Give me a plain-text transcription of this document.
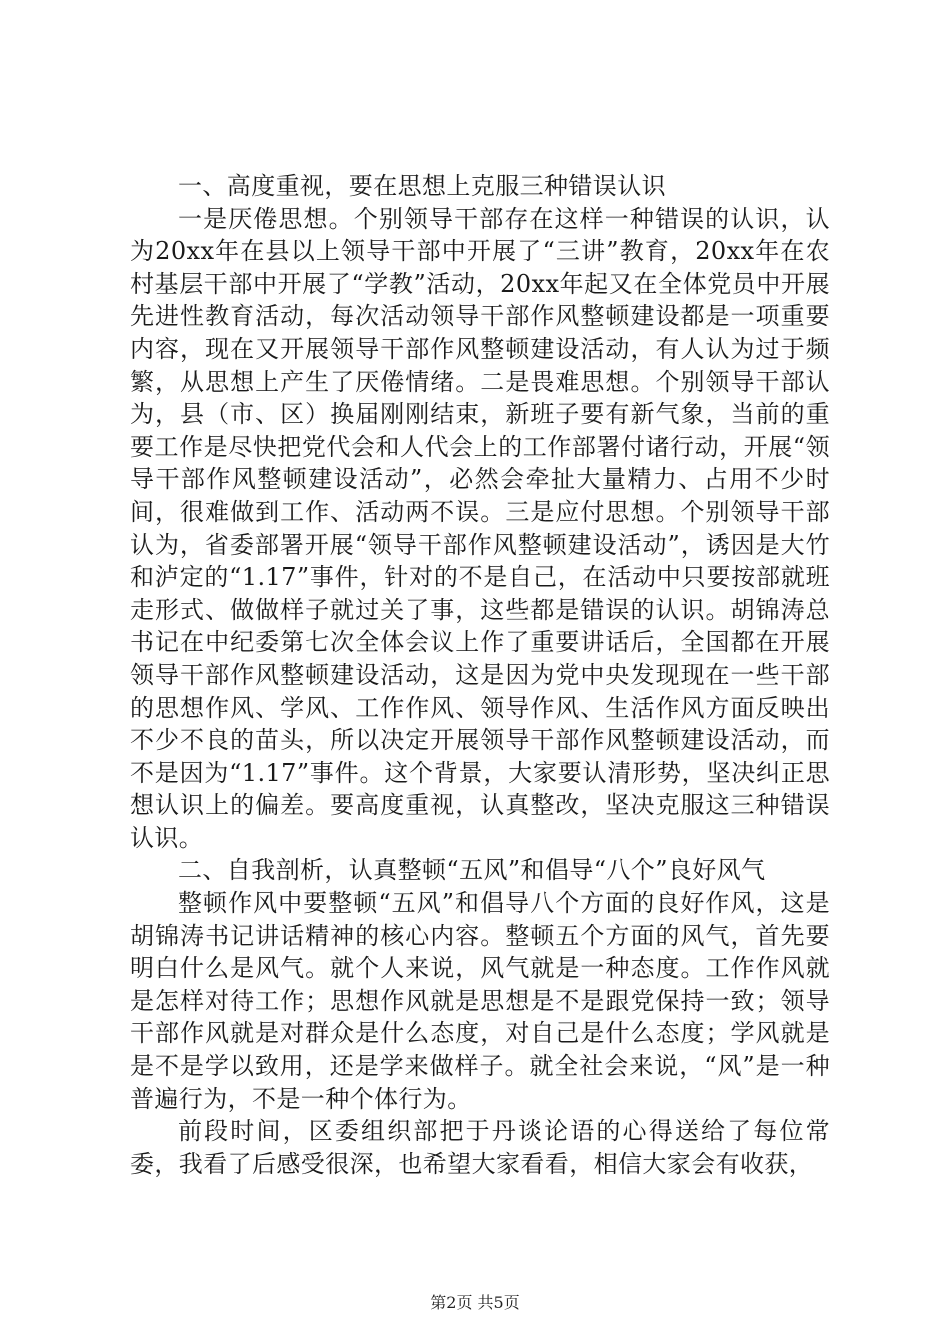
一、高度重视，要在思想上克服三种错误认识

一是厌倦思想。个别领导干部存在这样一种错误的认识，认为20xx年在县以上领导干部中开展了“三讲”教育，20xx年在农村基层干部中开展了“学教”活动，20xx年起又在全体党员中开展先进性教育活动，每次活动领导干部作风整顿建设都是一项重要内容，现在又开展领导干部作风整顿建设活动，有人认为过于频繁，从思想上产生了厌倦情绪。二是畏难思想。个别领导干部认为，县（市、区）换届刚刚结束，新班子要有新气象，当前的重要工作是尽快把党代会和人代会上的工作部署付诸行动，开展“领导干部作风整顿建设活动”，必然会牵扯大量精力、占用不少时间，很难做到工作、活动两不误。三是应付思想。个别领导干部认为，省委部署开展“领导干部作风整顿建设活动”，诱因是大竹和泸定的“1.17”事件，针对的不是自己，在活动中只要按部就班走形式、做做样子就过关了事，这些都是错误的认识。胡锦涛总书记在中纪委第七次全体会议上作了重要讲话后，全国都在开展领导干部作风整顿建设活动，这是因为党中央发现现在一些干部的思想作风、学风、工作作风、领导作风、生活作风方面反映出不少不良的苗头，所以决定开展领导干部作风整顿建设活动，而不是因为“1.17”事件。这个背景，大家要认清形势，坚决纠正思想认识上的偏差。要高度重视，认真整改，坚决克服这三种错误认识。

二、自我剖析，认真整顿“五风”和倡导“八个”良好风气

整顿作风中要整顿“五风”和倡导八个方面的良好作风，这是胡锦涛书记讲话精神的核心内容。整顿五个方面的风气，首先要明白什么是风气。就个人来说，风气就是一种态度。工作作风就是怎样对待工作；思想作风就是思想是不是跟党保持一致；领导干部作风就是对群众是什么态度，对自己是什么态度；学风就是是不是学以致用，还是学来做样子。就全社会来说，“风”是一种普遍行为，不是一种个体行为。

前段时间，区委组织部把于丹谈论语的心得送给了每位常委，我看了后感受很深，也希望大家看看，相信大家会有收获，

第2页 共5页
